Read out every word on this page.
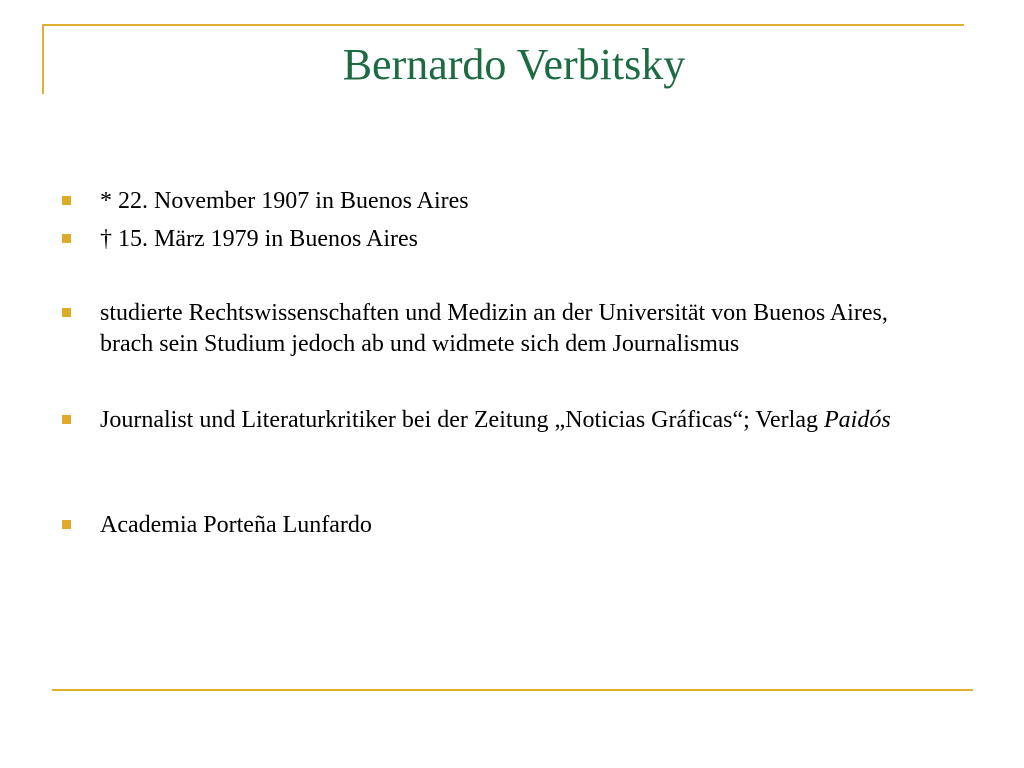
Bernardo Verbitsky
* 22. November 1907 in Buenos Aires
† 15. März 1979 in Buenos Aires
studierte Rechtswissenschaften und Medizin an der Universität von Buenos Aires, brach sein Studium jedoch ab und widmete sich dem Journalismus
Journalist und Literaturkritiker bei der Zeitung „Noticias Gráficas“; Verlag Paidós
Academia Porteña Lunfardo
